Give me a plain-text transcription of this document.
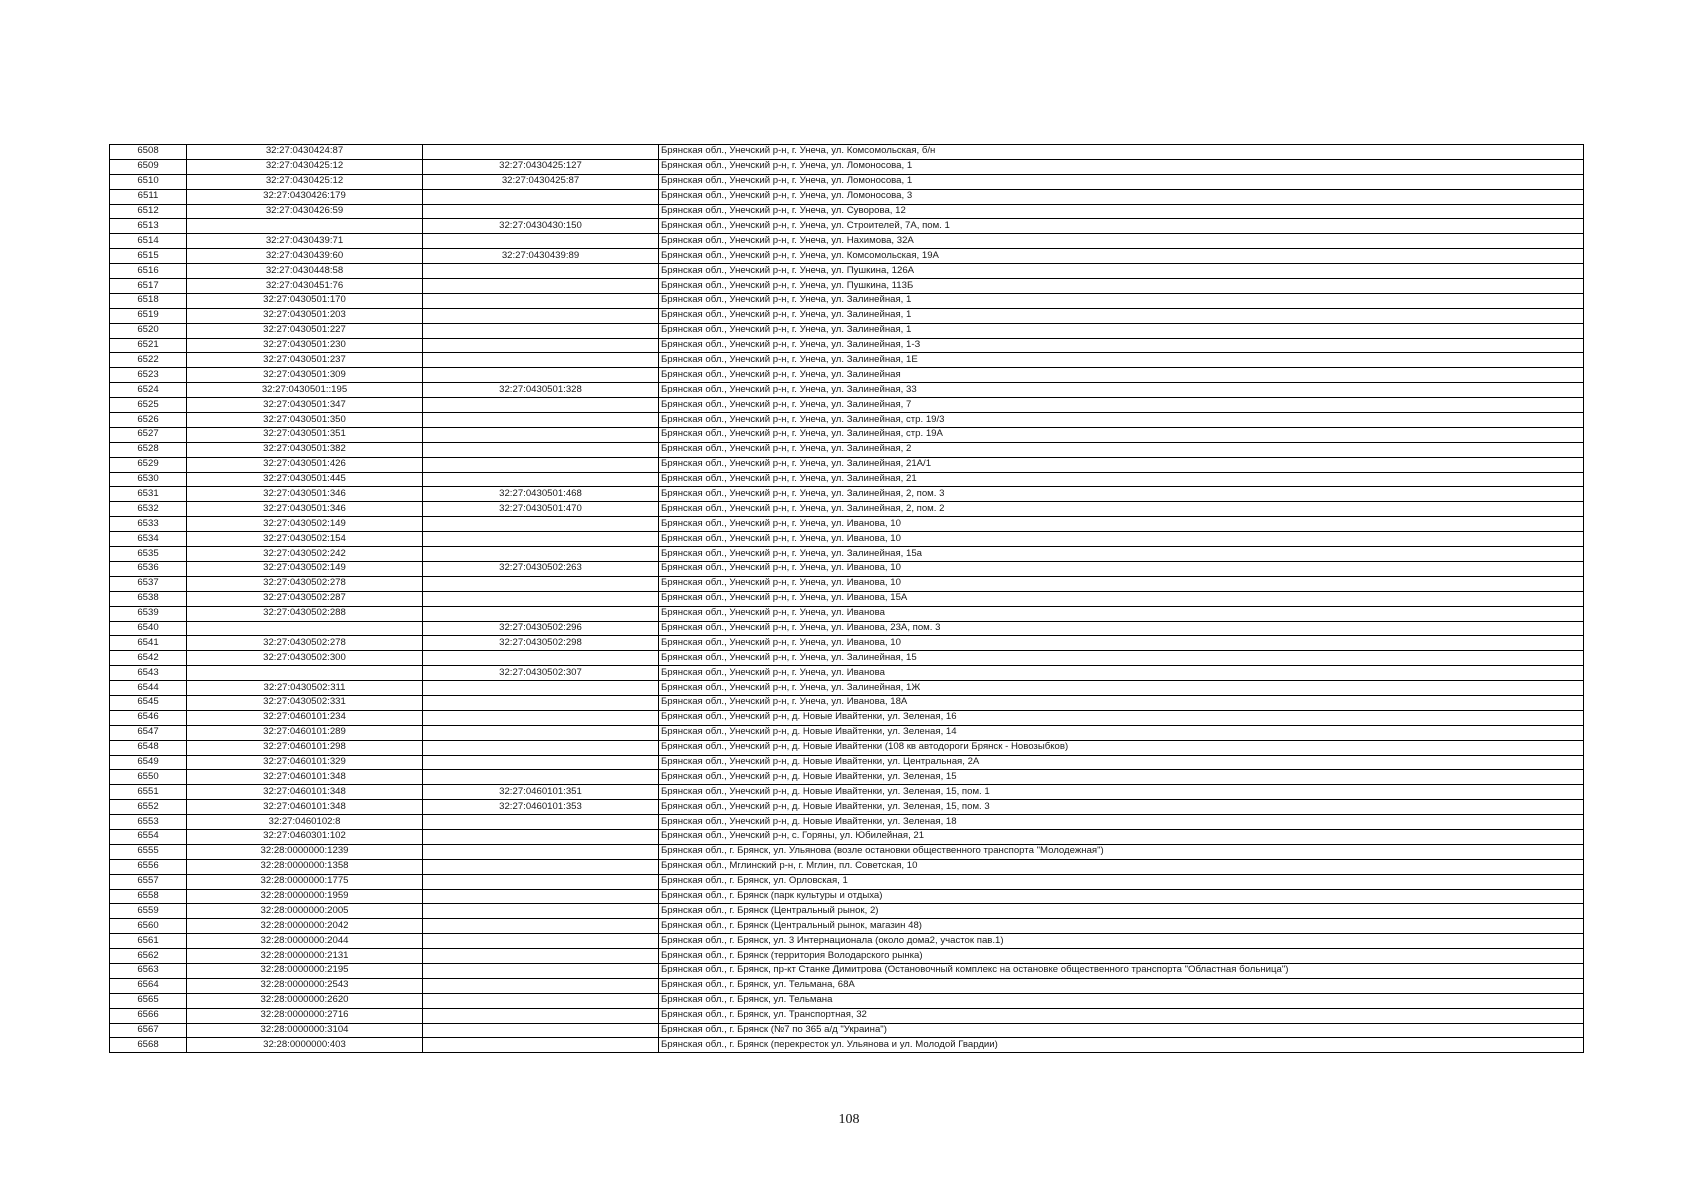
6508	32:27:0430424:87		Брянская обл., Унечский р-н, г. Унеча, ул. Комсомольская, б/н
6509	32:27:0430425:12	32:27:0430425:127	Брянская обл., Унечский р-н, г. Унеча, ул. Ломоносова, 1
6510	32:27:0430425:12	32:27:0430425:87	Брянская обл., Унечский р-н, г. Унеча, ул. Ломоносова, 1
6511	32:27:0430426:179		Брянская обл., Унечский р-н, г. Унеча, ул. Ломоносова, 3
6512	32:27:0430426:59		Брянская обл., Унечский р-н, г. Унеча, ул. Суворова, 12
6513		32:27:0430430:150	Брянская обл., Унечский р-н, г. Унеча, ул. Строителей, 7А, пом. 1
6514	32:27:0430439:71		Брянская обл., Унечский р-н, г. Унеча, ул. Нахимова, 32А
6515	32:27:0430439:60	32:27:0430439:89	Брянская обл., Унечский р-н, г. Унеча, ул. Комсомольская, 19А
6516	32:27:0430448:58		Брянская обл., Унечский р-н, г. Унеча, ул. Пушкина, 126А
6517	32:27:0430451:76		Брянская обл., Унечский р-н, г. Унеча, ул. Пушкина, 113Б
6518	32:27:0430501:170		Брянская обл., Унечский р-н, г. Унеча, ул. Залинейная, 1
6519	32:27:0430501:203		Брянская обл., Унечский р-н, г. Унеча, ул. Залинейная, 1
6520	32:27:0430501:227		Брянская обл., Унечский р-н, г. Унеча, ул. Залинейная, 1
6521	32:27:0430501:230		Брянская обл., Унечский р-н, г. Унеча, ул. Залинейная, 1-З
6522	32:27:0430501:237		Брянская обл., Унечский р-н, г. Унеча, ул. Залинейная, 1Е
6523	32:27:0430501:309		Брянская обл., Унечский р-н, г. Унеча, ул. Залинейная
6524	32:27:0430501::195	32:27:0430501:328	Брянская обл., Унечский р-н, г. Унеча, ул. Залинейная, 33
6525	32:27:0430501:347		Брянская обл., Унечский р-н, г. Унеча, ул. Залинейная, 7
6526	32:27:0430501:350		Брянская обл., Унечский р-н, г. Унеча, ул. Залинейная, стр. 19/3
6527	32:27:0430501:351		Брянская обл., Унечский р-н, г. Унеча, ул. Залинейная, стр. 19А
6528	32:27:0430501:382		Брянская обл., Унечский р-н, г. Унеча, ул. Залинейная, 2
6529	32:27:0430501:426		Брянская обл., Унечский р-н, г. Унеча, ул. Залинейная, 21А/1
6530	32:27:0430501:445		Брянская обл., Унечский р-н, г. Унеча, ул. Залинейная, 21
6531	32:27:0430501:346	32:27:0430501:468	Брянская обл., Унечский р-н, г. Унеча, ул. Залинейная, 2, пом. 3
6532	32:27:0430501:346	32:27:0430501:470	Брянская обл., Унечский р-н, г. Унеча, ул. Залинейная, 2, пом. 2
6533	32:27:0430502:149		Брянская обл., Унечский р-н, г. Унеча, ул. Иванова, 10
6534	32:27:0430502:154		Брянская обл., Унечский р-н, г. Унеча, ул. Иванова, 10
6535	32:27:0430502:242		Брянская обл., Унечский р-н, г. Унеча, ул. Залинейная, 15а
6536	32:27:0430502:149	32:27:0430502:263	Брянская обл., Унечский р-н, г. Унеча, ул. Иванова, 10
6537	32:27:0430502:278		Брянская обл., Унечский р-н, г. Унеча, ул. Иванова, 10
6538	32:27:0430502:287		Брянская обл., Унечский р-н, г. Унеча, ул. Иванова, 15А
6539	32:27:0430502:288		Брянская обл., Унечский р-н, г. Унеча, ул. Иванова
6540		32:27:0430502:296	Брянская обл., Унечский р-н, г. Унеча, ул. Иванова, 23А, пом. 3
6541	32:27:0430502:278	32:27:0430502:298	Брянская обл., Унечский р-н, г. Унеча, ул. Иванова, 10
6542	32:27:0430502:300		Брянская обл., Унечский р-н, г. Унеча, ул. Залинейная, 15
6543		32:27:0430502:307	Брянская обл., Унечский р-н, г. Унеча, ул. Иванова
6544	32:27:0430502:311		Брянская обл., Унечский р-н, г. Унеча, ул. Залинейная, 1Ж
6545	32:27:0430502:331		Брянская обл., Унечский р-н, г. Унеча, ул. Иванова, 18А
6546	32:27:0460101:234		Брянская обл., Унечский р-н, д. Новые Ивайтенки, ул. Зеленая, 16
6547	32:27:0460101:289		Брянская обл., Унечский р-н, д. Новые Ивайтенки, ул. Зеленая, 14
6548	32:27:0460101:298		Брянская обл., Унечский р-н, д. Новые Ивайтенки (108 кв автодороги Брянск - Новозыбков)
6549	32:27:0460101:329		Брянская обл., Унечский р-н, д. Новые Ивайтенки, ул. Центральная, 2А
6550	32:27:0460101:348		Брянская обл., Унечский р-н, д. Новые Ивайтенки, ул. Зеленая, 15
6551	32:27:0460101:348	32:27:0460101:351	Брянская обл., Унечский р-н, д. Новые Ивайтенки, ул. Зеленая, 15, пом. 1
6552	32:27:0460101:348	32:27:0460101:353	Брянская обл., Унечский р-н, д. Новые Ивайтенки, ул. Зеленая, 15, пом. 3
6553	32:27:0460102:8		Брянская обл., Унечский р-н, д. Новые Ивайтенки, ул. Зеленая, 18
6554	32:27:0460301:102		Брянская обл., Унечский р-н, с. Горяны, ул. Юбилейная, 21
6555	32:28:0000000:1239		Брянская обл., г. Брянск, ул. Ульянова (возле остановки общественного транспорта "Молодежная")
6556	32:28:0000000:1358		Брянская обл., Мглинский р-н, г. Мглин, пл. Советская, 10
6557	32:28:0000000:1775		Брянская обл., г. Брянск, ул. Орловская, 1
6558	32:28:0000000:1959		Брянская обл., г. Брянск (парк культуры и отдыха)
6559	32:28:0000000:2005		Брянская обл., г. Брянск (Центральный рынок, 2)
6560	32:28:0000000:2042		Брянская обл., г. Брянск (Центральный рынок, магазин 48)
6561	32:28:0000000:2044		Брянская обл., г. Брянск, ул. 3 Интернационала (около дома2, участок пав.1)
6562	32:28:0000000:2131		Брянская обл., г. Брянск (территория Володарского рынка)
6563	32:28:0000000:2195		Брянская обл., г. Брянск, пр-кт Станке Димитрова (Остановочный комплекс на остановке общественного транспорта "Областная больница")
6564	32:28:0000000:2543		Брянская обл., г. Брянск, ул. Тельмана, 68А
6565	32:28:0000000:2620		Брянская обл., г. Брянск, ул. Тельмана
6566	32:28:0000000:2716		Брянская обл., г. Брянск, ул. Транспортная, 32
6567	32:28:0000000:3104		Брянская обл., г. Брянск (№7 по 365 а/д "Украина")
6568	32:28:0000000:403		Брянская обл., г. Брянск (перекресток ул. Ульянова и ул. Молодой Гвардии)
108
